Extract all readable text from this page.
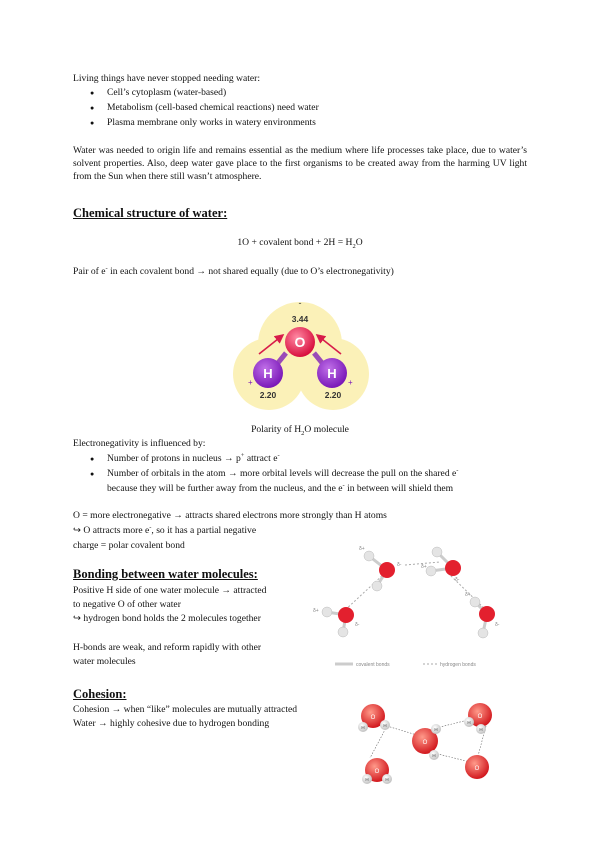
Living things have never stopped needing water:
● Cell’s cytoplasm (water-based)
● Metabolism (cell-based chemical reactions) need water
● Plasma membrane only works in watery environments
Water was needed to origin life and remains essential as the medium where life processes take place, due to water’s solvent properties. Also, deep water gave place to the first organisms to be created away from the harming UV light from the Sun when there still wasn’t atmosphere.
Chemical structure of water:
1O + covalent bond + $2H = H_2O$
Pair of e- in each covalent bond → not shared equally (due to O’s electronegativity)
O
H	H
-
3.44
2.20	2.20
+	+
Polarity of $H_2O$ molecule
Electronegativity is influenced by:
● Number of protons in nucleus → p+ attract e-
● Number of orbitals in the atom → more orbital levels will decrease the pull on the shared e-
because they will be further away from the nucleus, and the e- in between will shield them
O = more electronegative → attracts shared electrons more strongly than H atoms
↪ O attracts more e-, so it has a partial negative
charge = polar covalent bond
Bonding between water molecules:
Positive H side of one water molecule → attracted
to negative O of other water
↪ hydrogen bond holds the 2 molecules together
H-bonds are weak, and reform rapidly with other
water molecules
δ-
δ+
δ-
δ+
δ+
δ-	δ-
δ+
covalent bonds	hydrogen bonds
Cohesion:
Cohesion → when “like” molecules are mutually attracted
Water → highly cohesive due to hydrogen bonding	O
H	H
O
H
H
O
H
H
O
O
H	H
